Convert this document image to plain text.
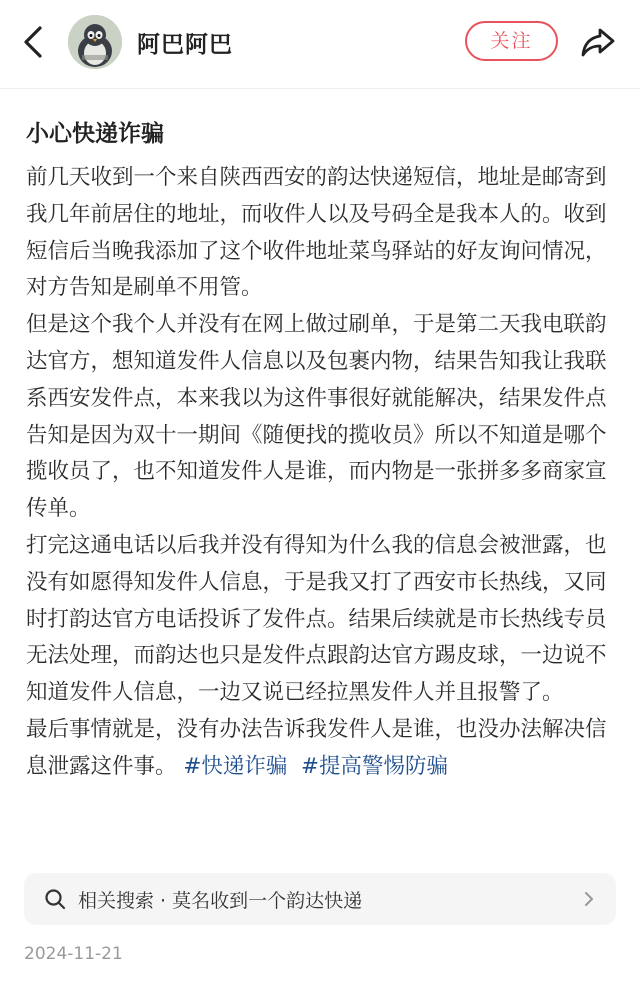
阿巴阿巴	关注
小心快递诈骗

前几天收到一个来自陕西西安的韵达快递短信，地址是邮寄到我几年前居住的地址，而收件人以及号码全是我本人的。收到短信后当晚我添加了这个收件地址菜鸟驿站的好友询问情况，对方告知是刷单不用管。

但是这个我个人并没有在网上做过刷单，于是第二天我电联韵达官方，想知道发件人信息以及包裹内物，结果告知我让我联系西安发件点，本来我以为这件事很好就能解决，结果发件点告知是因为双十一期间《随便找的揽收员》所以不知道是哪个揽收员了，也不知道发件人是谁，而内物是一张拼多多商家宣传单。

打完这通电话以后我并没有得知为什么我的信息会被泄露，也没有如愿得知发件人信息，于是我又打了西安市长热线，又同时打韵达官方电话投诉了发件点。结果后续就是市长热线专员无法处理，而韵达也只是发件点跟韵达官方踢皮球，一边说不知道发件人信息，一边又说已经拉黑发件人并且报警了。

最后事情就是，没有办法告诉我发件人是谁，也没办法解决信息泄露这件事。 #快递诈骗 #提高警惕防骗

相关搜索 · 莫名收到一个韵达快递
2024-11-21
